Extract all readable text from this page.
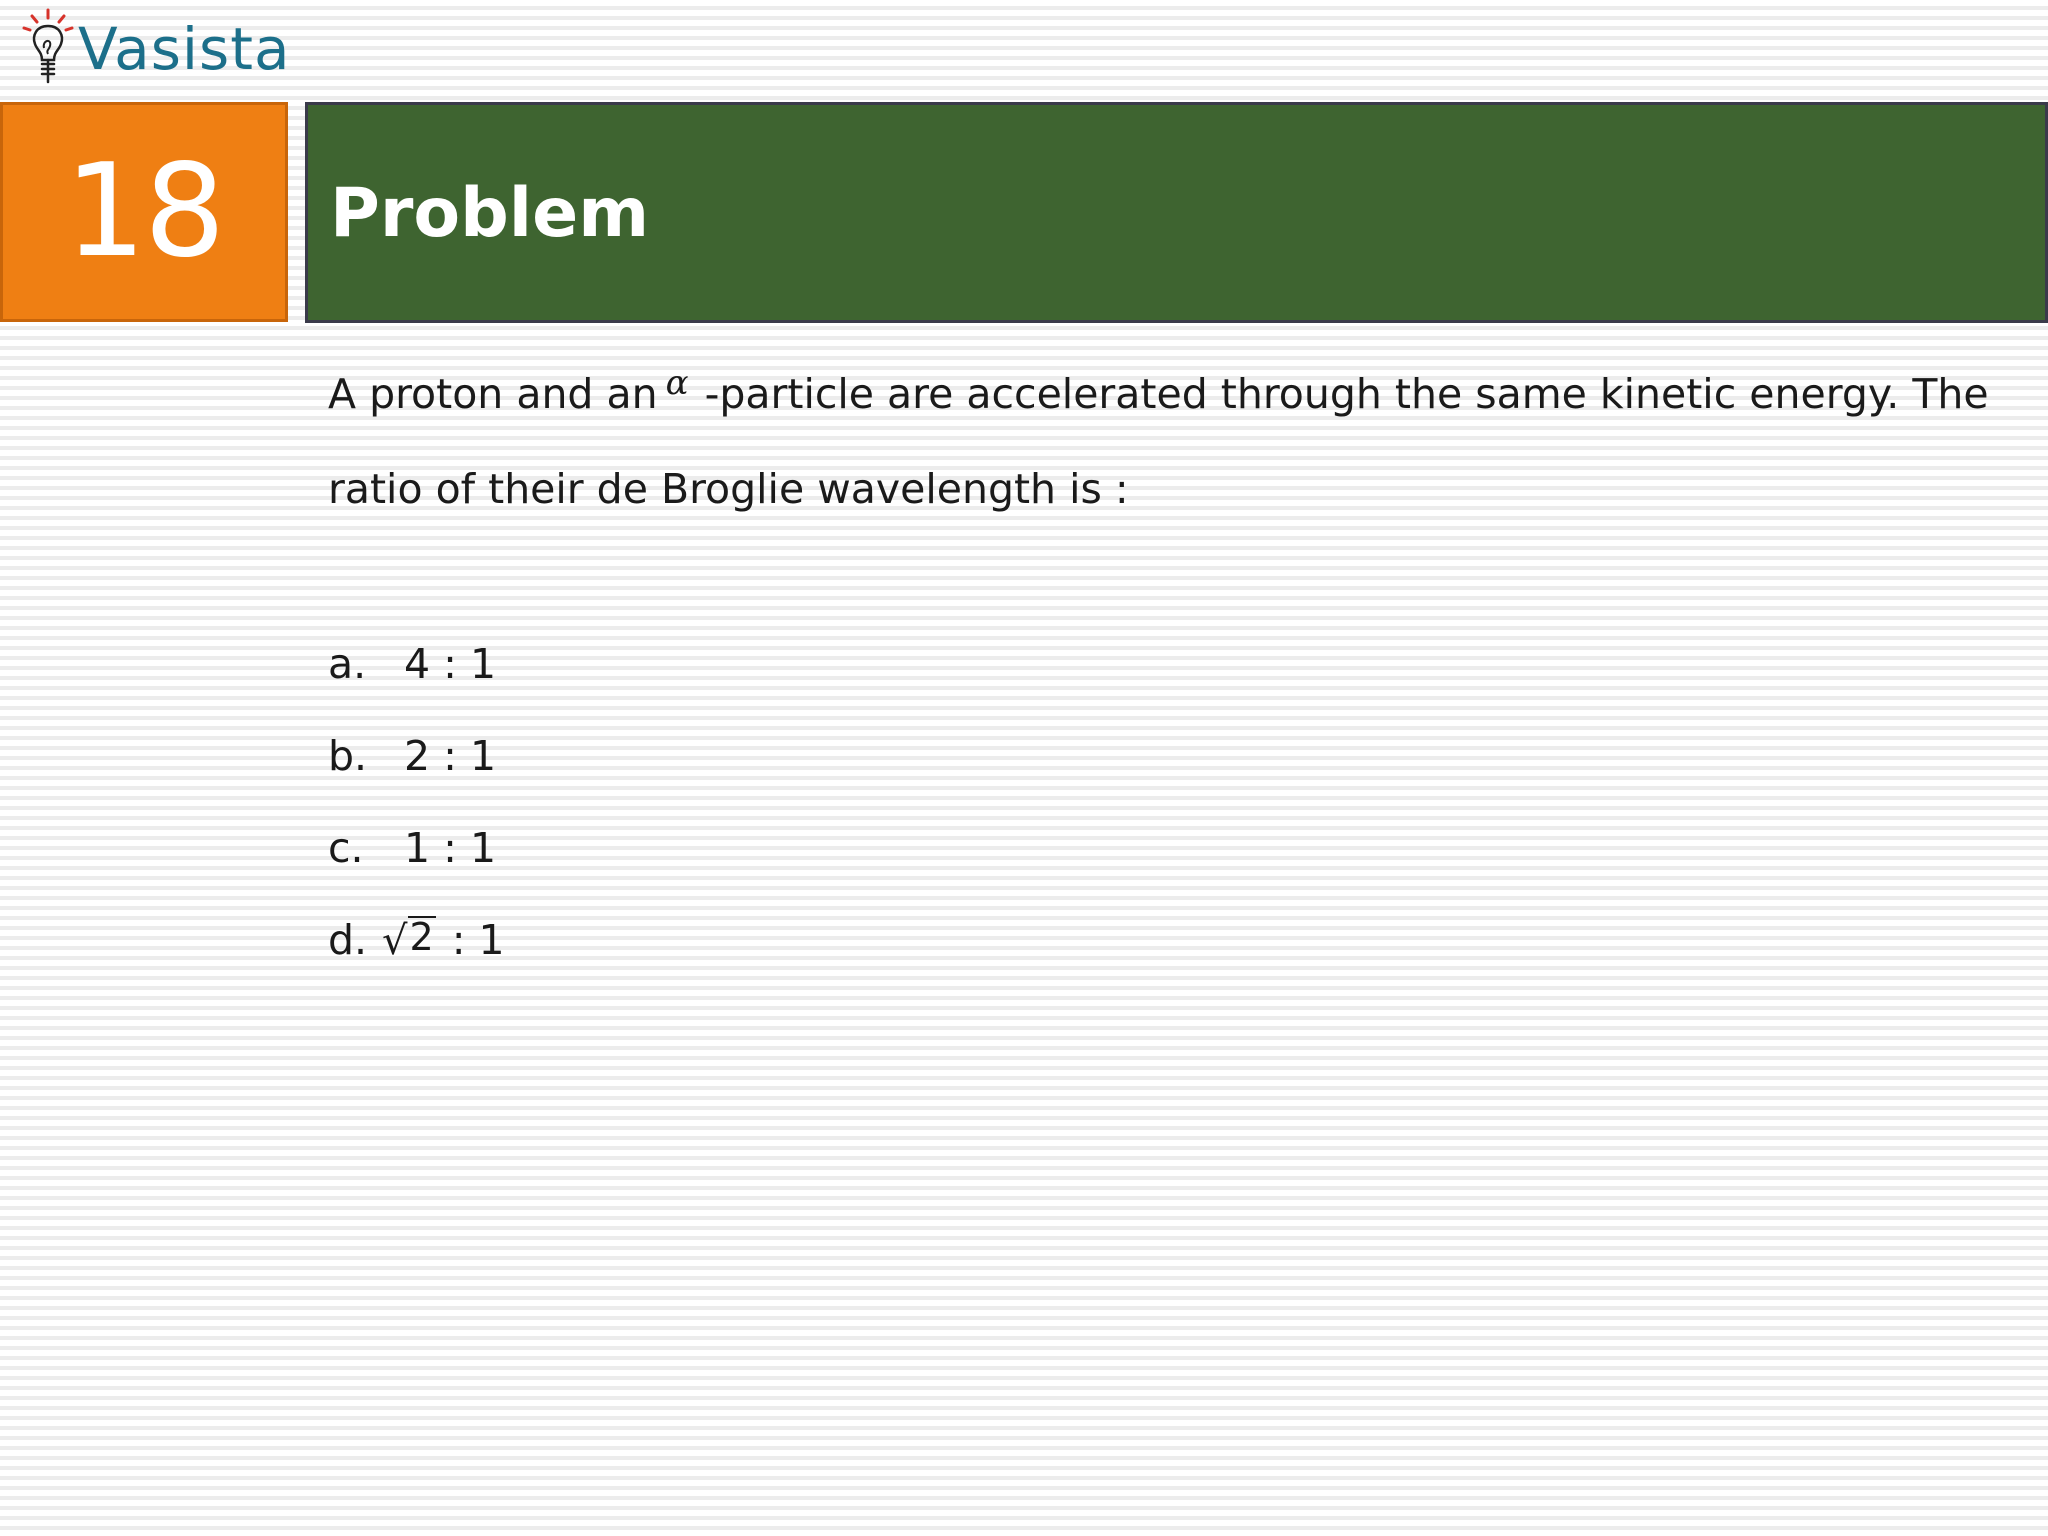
Vasista
18 Problem
A proton and an $^\alpha$ -particle are accelerated through the same kinetic energy. The ratio of their de Broglie wavelength is :
a. 4 : 1
b. 2 : 1
c. 1 : 1
d. √2 : 1
